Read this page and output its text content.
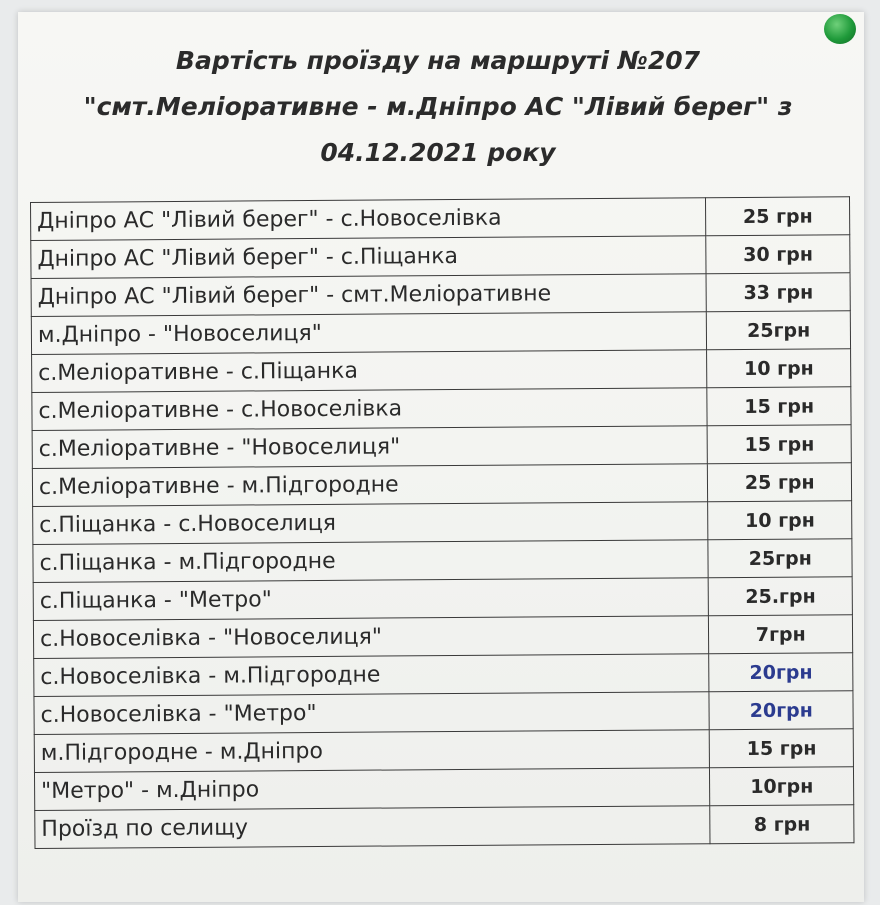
Вартість проїзду на маршруті №207
"смт.Меліоративне - м.Дніпро АС "Лівий берег" з
04.12.2021 року
Дніпро АС "Лівий берег" - с.Новоселівка	25 грн
Дніпро АС "Лівий берег" - с.Піщанка	30 грн
Дніпро АС "Лівий берег" - смт.Меліоративне	33 грн
м.Дніпро - "Новоселиця"	25грн
с.Меліоративне - с.Піщанка	10 грн
с.Меліоративне - с.Новоселівка	15 грн
с.Меліоративне - "Новоселиця"	15 грн
с.Меліоративне - м.Підгородне	25 грн
с.Піщанка - с.Новоселиця	10 грн
с.Піщанка - м.Підгородне	25грн
с.Піщанка - "Метро"	25.грн
с.Новоселівка - "Новоселиця"	7грн
с.Новоселівка - м.Підгородне	20грн
с.Новоселівка - "Метро"	20грн
м.Підгородне - м.Дніпро	15 грн
"Метро" - м.Дніпро	10грн
Проїзд по селищу	8 грн
